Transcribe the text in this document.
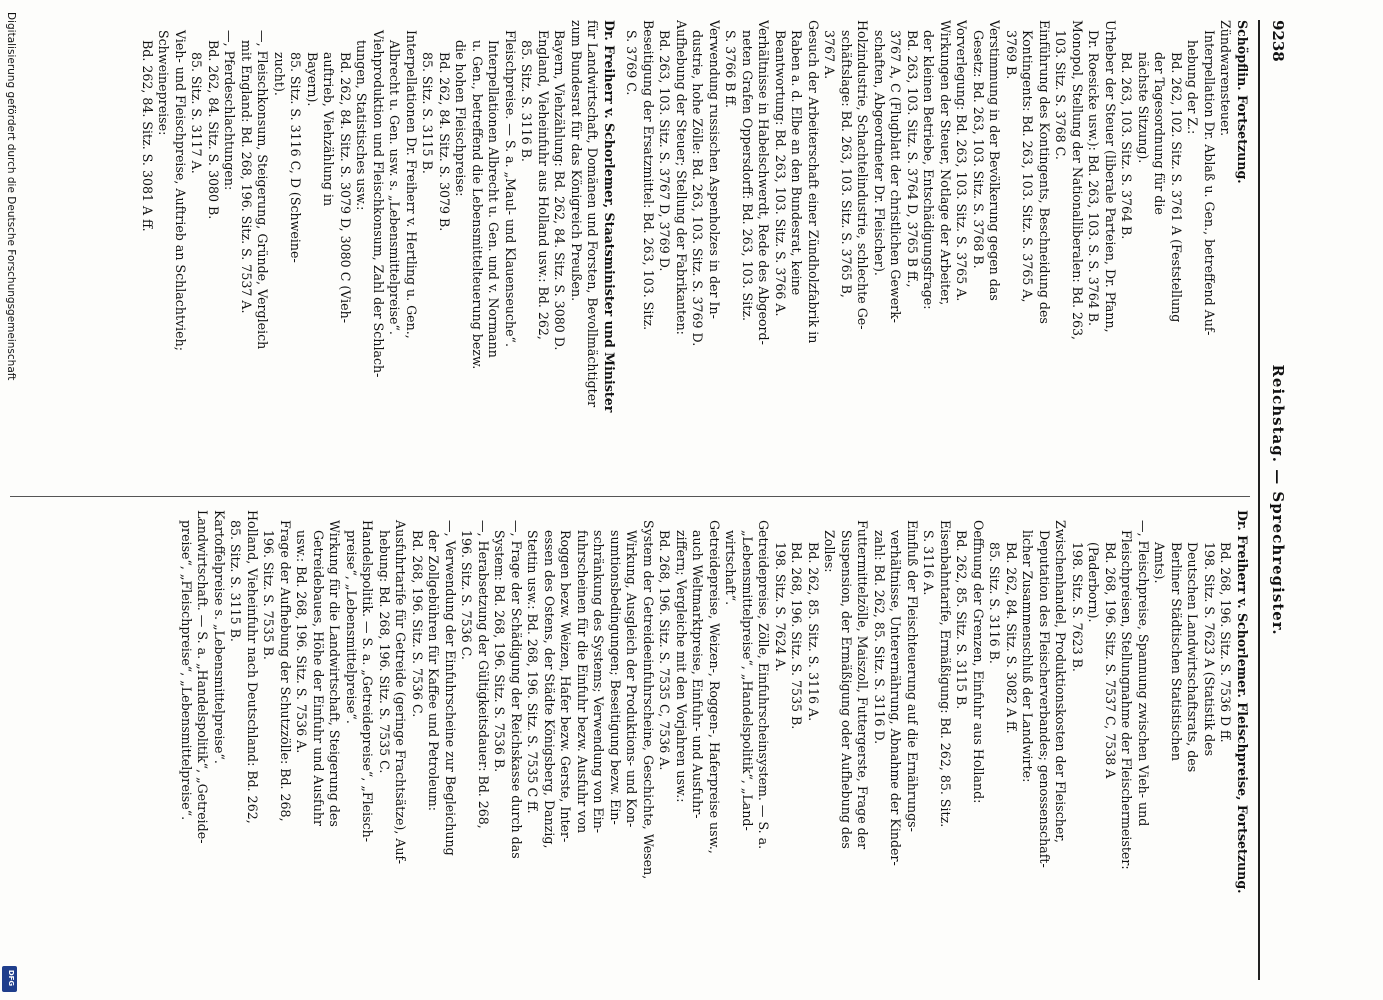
9238
Reichstag. — Sprechregister.
Schöpflin. Fortsetzung.
Zündwarensteuer.
Interpellation Dr. Ablaß u. Gen., betreffend Auf-
hebung der Z.:
Bd. 262, 102. Sitz. S. 3761 A (Feststellung
der Tagesordnung für die
nächste Sitzung).
Bd. 263, 103. Sitz. S. 3764 B.
Urheber der Steuer (liberale Parteien, Dr. Pfann,
Dr. Roesicke usw.): Bd. 263, 103. S. S. 3764 B.
Monopol, Stellung der Nationalliberalen: Bd. 263,
103. Sitz. S. 3768 C.
Einführung des Kontingents, Beschneidung des
Kontingents: Bd. 263, 103. Sitz. S. 3765 A,
3769 B.
Verstimmung in der Bevölkerung gegen das
Gesetz: Bd. 263, 103. Sitz. S. 3768 B.
Vorverlegung: Bd. 263, 103. Sitz. S. 3765 A.
Wirkungen der Steuer, Notlage der Arbeiter,
der kleinen Betriebe, Entschädigungsfrage:
Bd. 263, 103. Sitz. S. 3764 D, 3765 B ff.,
3767 A, C (Flugblatt der christlichen Gewerk-
schaften, Abgeordneter Dr. Fleischer).
Holzindustrie, Schachtelindustrie, schlechte Ge-
schäftslage: Bd. 263, 103. Sitz. S. 3765 B,
3767 A.
Gesuch der Arbeiterschaft einer Zündholzfabrik in
Raben a. d. Elbe an den Bundesrat, keine
Beantwortung: Bd. 263, 103. Sitz. S. 3766 A.
Verhältnisse in Habelschwerdt, Rede des Abgeord-
neten Grafen Oppersdorff: Bd. 263, 103. Sitz.
S. 3766 B ff.
Verwendung russischen Aspenholzes in der In-
dustrie, hohe Zölle: Bd. 263, 103. Sitz. S. 3769 D.
Aufhebung der Steuer; Stellung der Fabrikanten:
Bd. 263, 103. Sitz. S. 3767 D, 3769 D.
Beseitigung der Ersatzmittel: Bd. 263, 103. Sitz.
S. 3769 C.
Dr. Freiherr v. Schorlemer, Staatsminister und Minister
für Landwirtschaft, Domänen und Forsten, Bevollmächtigter
zum Bundesrat für das Königreich Preußen.
Bayern, Viehzählung: Bd. 262, 84. Sitz. S. 3080 D.
England, Vieheinfuhr aus Holland usw.: Bd. 262,
85. Sitz. S. 3116 B.
Fleischpreise. — S. a. „Maul- und Klauenseuche“.
Interpellationen Albrecht u. Gen. und v. Normann
u. Gen., betreffend die Lebensmittelteuerung bezw.
die hohen Fleischpreise:
Bd. 262, 84. Sitz. S. 3079 B.
85. Sitz. S. 3115 B.
Interpellationen Dr. Freiherr v. Hertling u. Gen.,
Albrecht u. Gen. usw. s. „Lebensmittelpreise“.
Viehproduktion und Fleischkonsum, Zahl der Schlach-
tungen, Statistisches usw.:
Bd. 262, 84. Sitz. S. 3079 D, 3080 C (Vieh-
auftrieb, Viehzählung in
Bayern).
85. Sitz. S. 3116 C, D (Schweine-
zucht).
—, Fleischkonsum, Steigerung, Gründe, Vergleich
mit England: Bd. 268, 196. Sitz. S. 7537 A.
—, Pferdeschlachtungen:
Bd. 262, 84. Sitz. S. 3080 B.
85. Sitz. S. 3117 A.
Vieh- und Fleischpreise, Auftrieb an Schlachtvieh;
Schweinepreise:
Bd. 262, 84. Sitz. S. 3081 A ff.
Dr. Freiherr v. Schorlemer. Fleischpreise, Fortsetzung.
Bd. 268, 196. Sitz. S. 7536 D ff.
198. Sitz. S. 7623 A (Statistik des
Deutschen Landwirtschaftsrats, des
Berliner Städtischen Statistischen
Amts).
—, Fleischpreise, Spannung zwischen Vieh- und
Fleischpreisen, Stellungnahme der Fleischermeister:
Bd. 268, 196. Sitz. S. 7537 C, 7538 A
(Paderborn).
198. Sitz. S. 7623 B.
Zwischenhandel, Produktionskosten der Fleischer,
Deputation des Fleischerverbandes; genossenschaft-
licher Zusammenschluß der Landwirte:
Bd. 262, 84. Sitz. S. 3082 A ff.
85. Sitz. S. 3116 B.
Oeffnung der Grenzen, Einfuhr aus Holland:
Bd. 262, 85. Sitz. S. 3115 B.
Eisenbahntarife, Ermäßigung: Bd. 262, 85. Sitz.
S. 3116 A.
Einfluß der Fleischteuerung auf die Ernährungs-
verhältnisse, Unterernährung, Abnahme der Kinder-
zahl: Bd. 262, 85. Sitz. S. 3116 D.
Futtermittelzölle, Maiszoll, Futtergerste, Frage der
Suspension, der Ermäßigung oder Aufhebung des
Zolles:
Bd. 262, 85. Sitz. S. 3116 A.
Bd. 268, 196. Sitz. S. 7535 B.
198. Sitz. S. 7624 A.
Getreidepreise, Zölle, Einfuhrscheinsystem. — S. a.
„Lebensmittelpreise“, „Handelspolitik“, „Land-
wirtschaft“.
Getreidepreise, Weizen-, Roggen-, Haferpreise usw.,
auch Weltmarktpreise, Einfuhr- und Ausfuhr-
ziffern; Vergleiche mit den Vorjahren usw.:
Bd. 268, 196. Sitz. S. 7535 C, 7536 A.
System der Getreideeinfuhrscheine, Geschichte, Wesen,
Wirkung, Ausgleich der Produktions- und Kon-
sumtionsbedingungen; Beseitigung bezw. Ein-
schränkung des Systems; Verwendung von Ein-
fuhrscheinen für die Einfuhr bezw. Ausfuhr von
Roggen bezw. Weizen, Hafer bezw. Gerste, Inter-
essen des Ostens, der Städte Königsberg, Danzig,
Stettin usw.: Bd. 268, 196. Sitz. S. 7535 C ff.
—, Frage der Schädigung der Reichskasse durch das
System: Bd. 268, 196. Sitz. S. 7536 B.
—, Herabsetzung der Gültigkeitsdauer: Bd. 268,
196. Sitz. S. 7536 C.
—, Verwendung der Einfuhrscheine zur Begleichung
der Zollgebühren für Kaffee und Petroleum:
Bd. 268, 196. Sitz. S. 7536 C.
Ausfuhrtarife für Getreide (geringe Frachtsätze), Auf-
hebung: Bd. 268, 196. Sitz. S. 7535 C.
Handelspolitik. — S. a. „Getreidepreise“, „Fleisch-
preise“, „Lebensmittelpreise“.
Wirkung für die Landwirtschaft, Steigerung des
Getreidebaues, Höhe der Einfuhr und Ausfuhr
usw.: Bd. 268, 196. Sitz. S. 7536 A.
Frage der Aufhebung der Schutzzölle: Bd. 268,
196. Sitz. S. 7535 B.
Holland, Vieheinfuhr nach Deutschland: Bd. 262,
85. Sitz. S. 3115 B.
Kartoffelpreise s. „Lebensmittelpreise“.
Landwirtschaft. — S. a. „Handelspolitik“, „Getreide-
preise“, „Fleischpreise“, „Lebensmittelpreise“.
Digitalisierung gefördert durch die Deutsche Forschungsgemeinschaft
DFG
